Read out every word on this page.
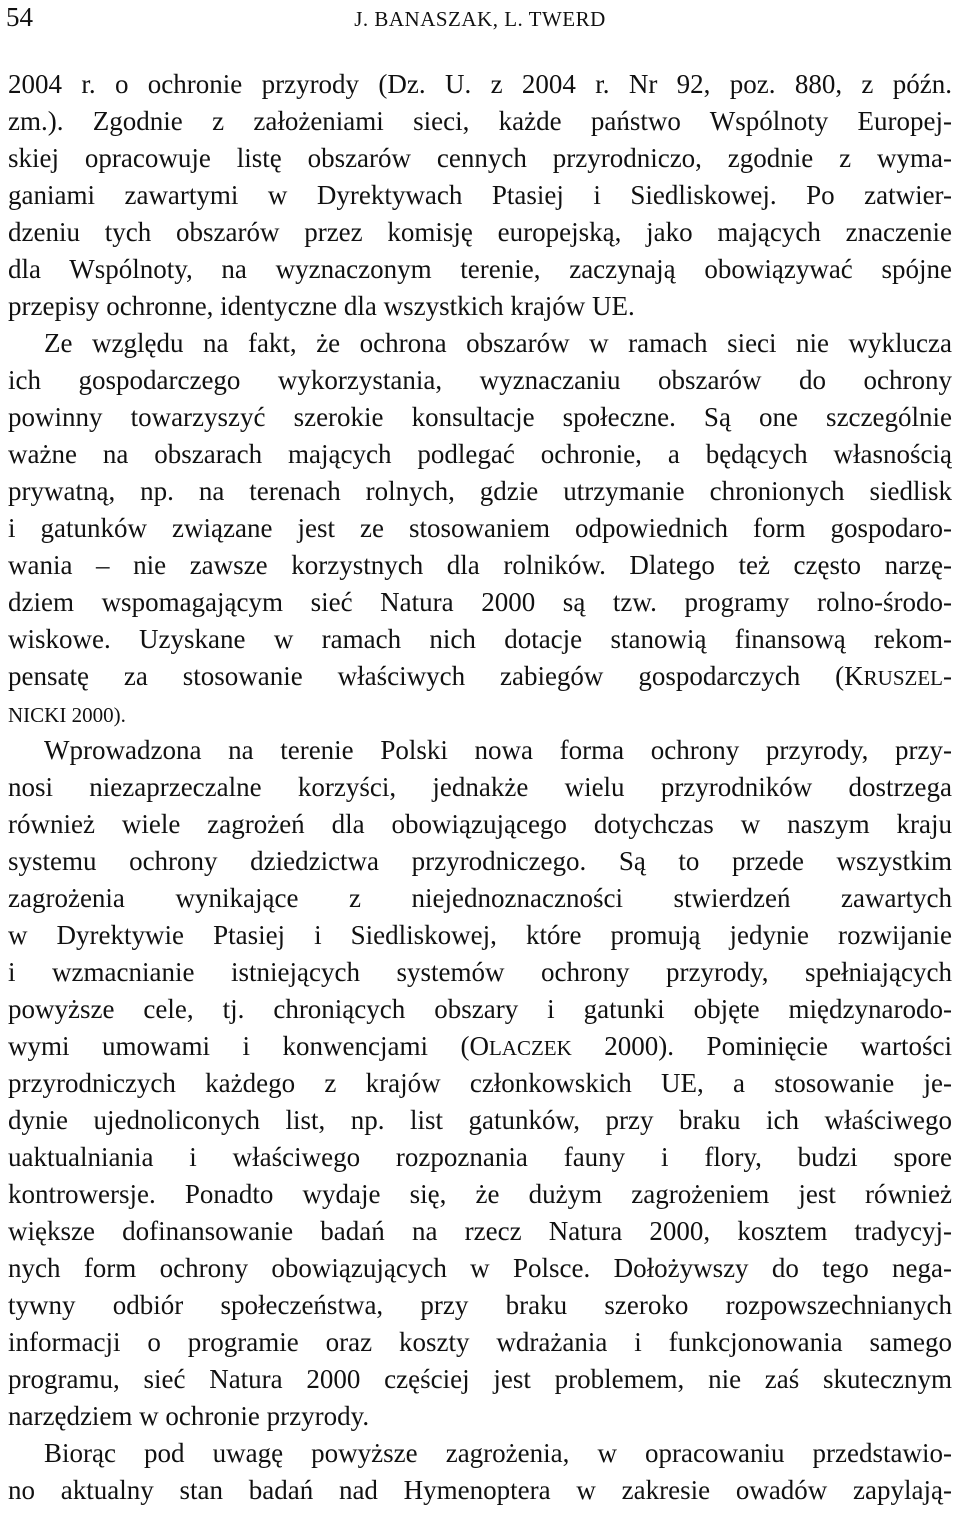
54	J. BANASZAK, L. TWERD
2004 r. o ochronie przyrody (Dz. U. z 2004 r. Nr 92, poz. 880, z późn.
zm.). Zgodnie z założeniami sieci, każde państwo Wspólnoty Europej-
skiej opracowuje listę obszarów cennych przyrodniczo, zgodnie z wyma-
ganiami zawartymi w Dyrektywach Ptasiej i Siedliskowej. Po zatwier-
dzeniu tych obszarów przez komisję europejską, jako mających znaczenie
dla Wspólnoty, na wyznaczonym terenie, zaczynają obowiązywać spójne
przepisy ochronne, identyczne dla wszystkich krajów UE.
Ze względu na fakt, że ochrona obszarów w ramach sieci nie wyklucza
ich gospodarczego wykorzystania, wyznaczaniu obszarów do ochrony
powinny towarzyszyć szerokie konsultacje społeczne. Są one szczególnie
ważne na obszarach mających podlegać ochronie, a będących własnością
prywatną, np. na terenach rolnych, gdzie utrzymanie chronionych siedlisk
i gatunków związane jest ze stosowaniem odpowiednich form gospodaro-
wania – nie zawsze korzystnych dla rolników. Dlatego też często narzę-
dziem wspomagającym sieć Natura 2000 są tzw. programy rolno-środo-
wiskowe. Uzyskane w ramach nich dotacje stanowią finansową rekom-
pensatę za stosowanie właściwych zabiegów gospodarczych (KRUSZEL-
NICKI 2000).
Wprowadzona na terenie Polski nowa forma ochrony przyrody, przy-
nosi niezaprzeczalne korzyści, jednakże wielu przyrodników dostrzega
również wiele zagrożeń dla obowiązującego dotychczas w naszym kraju
systemu ochrony dziedzictwa przyrodniczego. Są to przede wszystkim
zagrożenia wynikające z niejednoznaczności stwierdzeń zawartych
w Dyrektywie Ptasiej i Siedliskowej, które promują jedynie rozwijanie
i wzmacnianie istniejących systemów ochrony przyrody, spełniających
powyższe cele, tj. chroniących obszary i gatunki objęte międzynarodo-
wymi umowami i konwencjami (OLACZEK 2000). Pominięcie wartości
przyrodniczych każdego z krajów członkowskich UE, a stosowanie je-
dynie ujednoliconych list, np. list gatunków, przy braku ich właściwego
uaktualniania i właściwego rozpoznania fauny i flory, budzi spore
kontrowersje. Ponadto wydaje się, że dużym zagrożeniem jest również
większe dofinansowanie badań na rzecz Natura 2000, kosztem tradycyj-
nych form ochrony obowiązujących w Polsce. Dołożywszy do tego nega-
tywny odbiór społeczeństwa, przy braku szeroko rozpowszechnianych
informacji o programie oraz koszty wdrażania i funkcjonowania samego
programu, sieć Natura 2000 częściej jest problemem, nie zaś skutecznym
narzędziem w ochronie przyrody.
Biorąc pod uwagę powyższe zagrożenia, w opracowaniu przedstawio-
no aktualny stan badań nad Hymenoptera w zakresie owadów zapylają-
